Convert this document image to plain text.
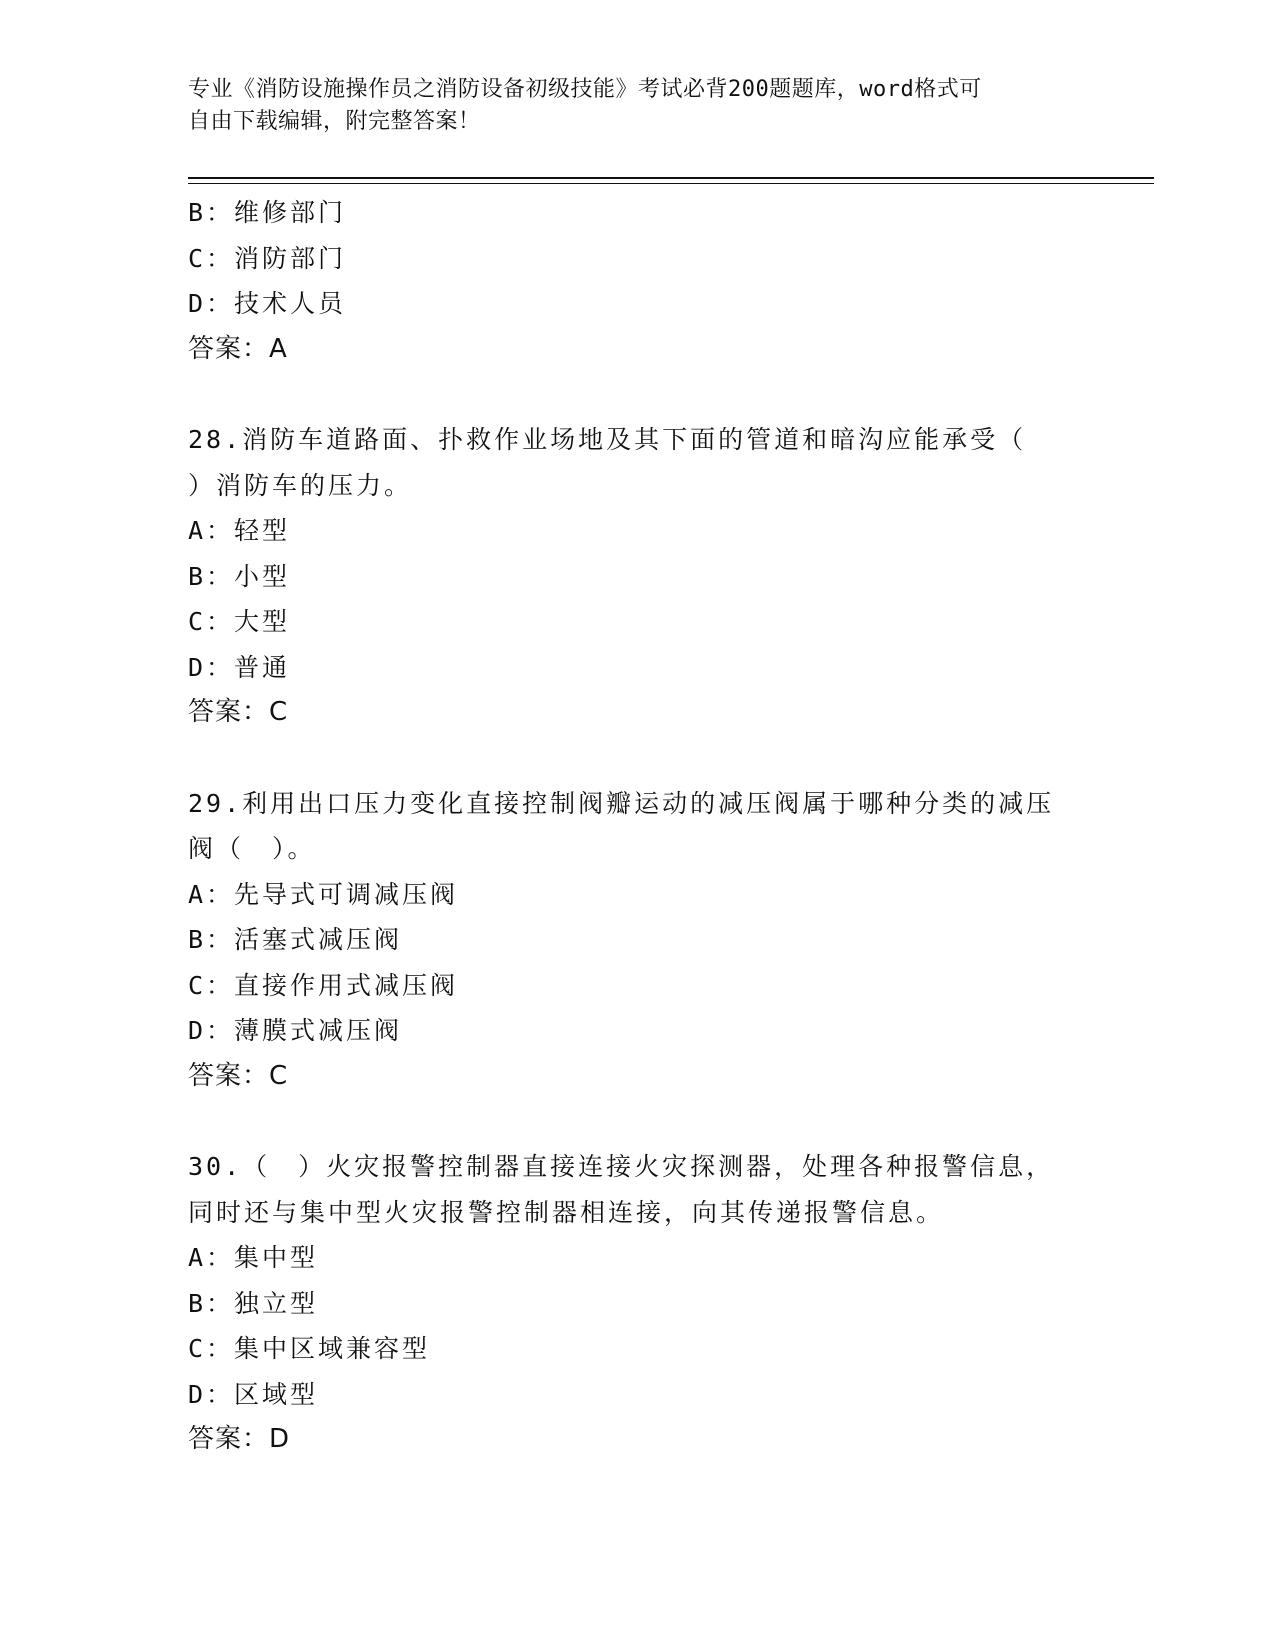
专业《消防设施操作员之消防设备初级技能》考试必背200题题库，word格式可
自由下载编辑，附完整答案！
B：维修部门
C：消防部门
D：技术人员
答案：A
28.消防车道路面、扑救作业场地及其下面的管道和暗沟应能承受（
）消防车的压力。
A：轻型
B：小型
C：大型
D：普通
答案：C
29.利用出口压力变化直接控制阀瓣运动的减压阀属于哪种分类的减压
阀（　）。
A：先导式可调减压阀
B：活塞式减压阀
C：直接作用式减压阀
D：薄膜式减压阀
答案：C
30.（　）火灾报警控制器直接连接火灾探测器，处理各种报警信息，
同时还与集中型火灾报警控制器相连接，向其传递报警信息。
A：集中型
B：独立型
C：集中区域兼容型
D：区域型
答案：D
